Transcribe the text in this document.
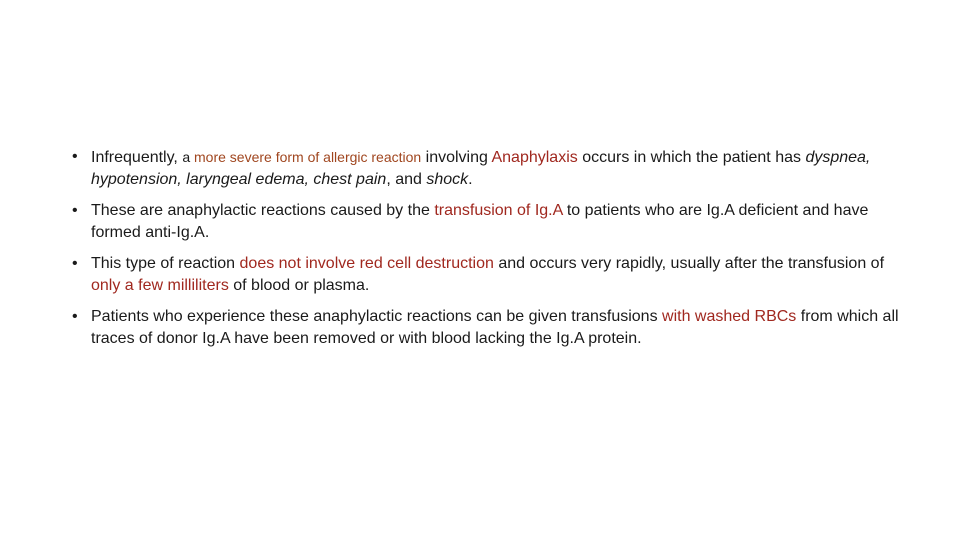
• Infrequently, a more severe form of allergic reaction involving Anaphylaxis occurs in which the patient has dyspnea, hypotension, laryngeal edema, chest pain, and shock.
• These are anaphylactic reactions caused by the transfusion of Ig.A to patients who are Ig.A deficient and have formed anti-Ig.A.
• This type of reaction does not involve red cell destruction and occurs very rapidly, usually after the transfusion of only a few milliliters of blood or plasma.
• Patients who experience these anaphylactic reactions can be given transfusions with washed RBCs from which all traces of donor Ig.A have been removed or with blood lacking the Ig.A protein.
